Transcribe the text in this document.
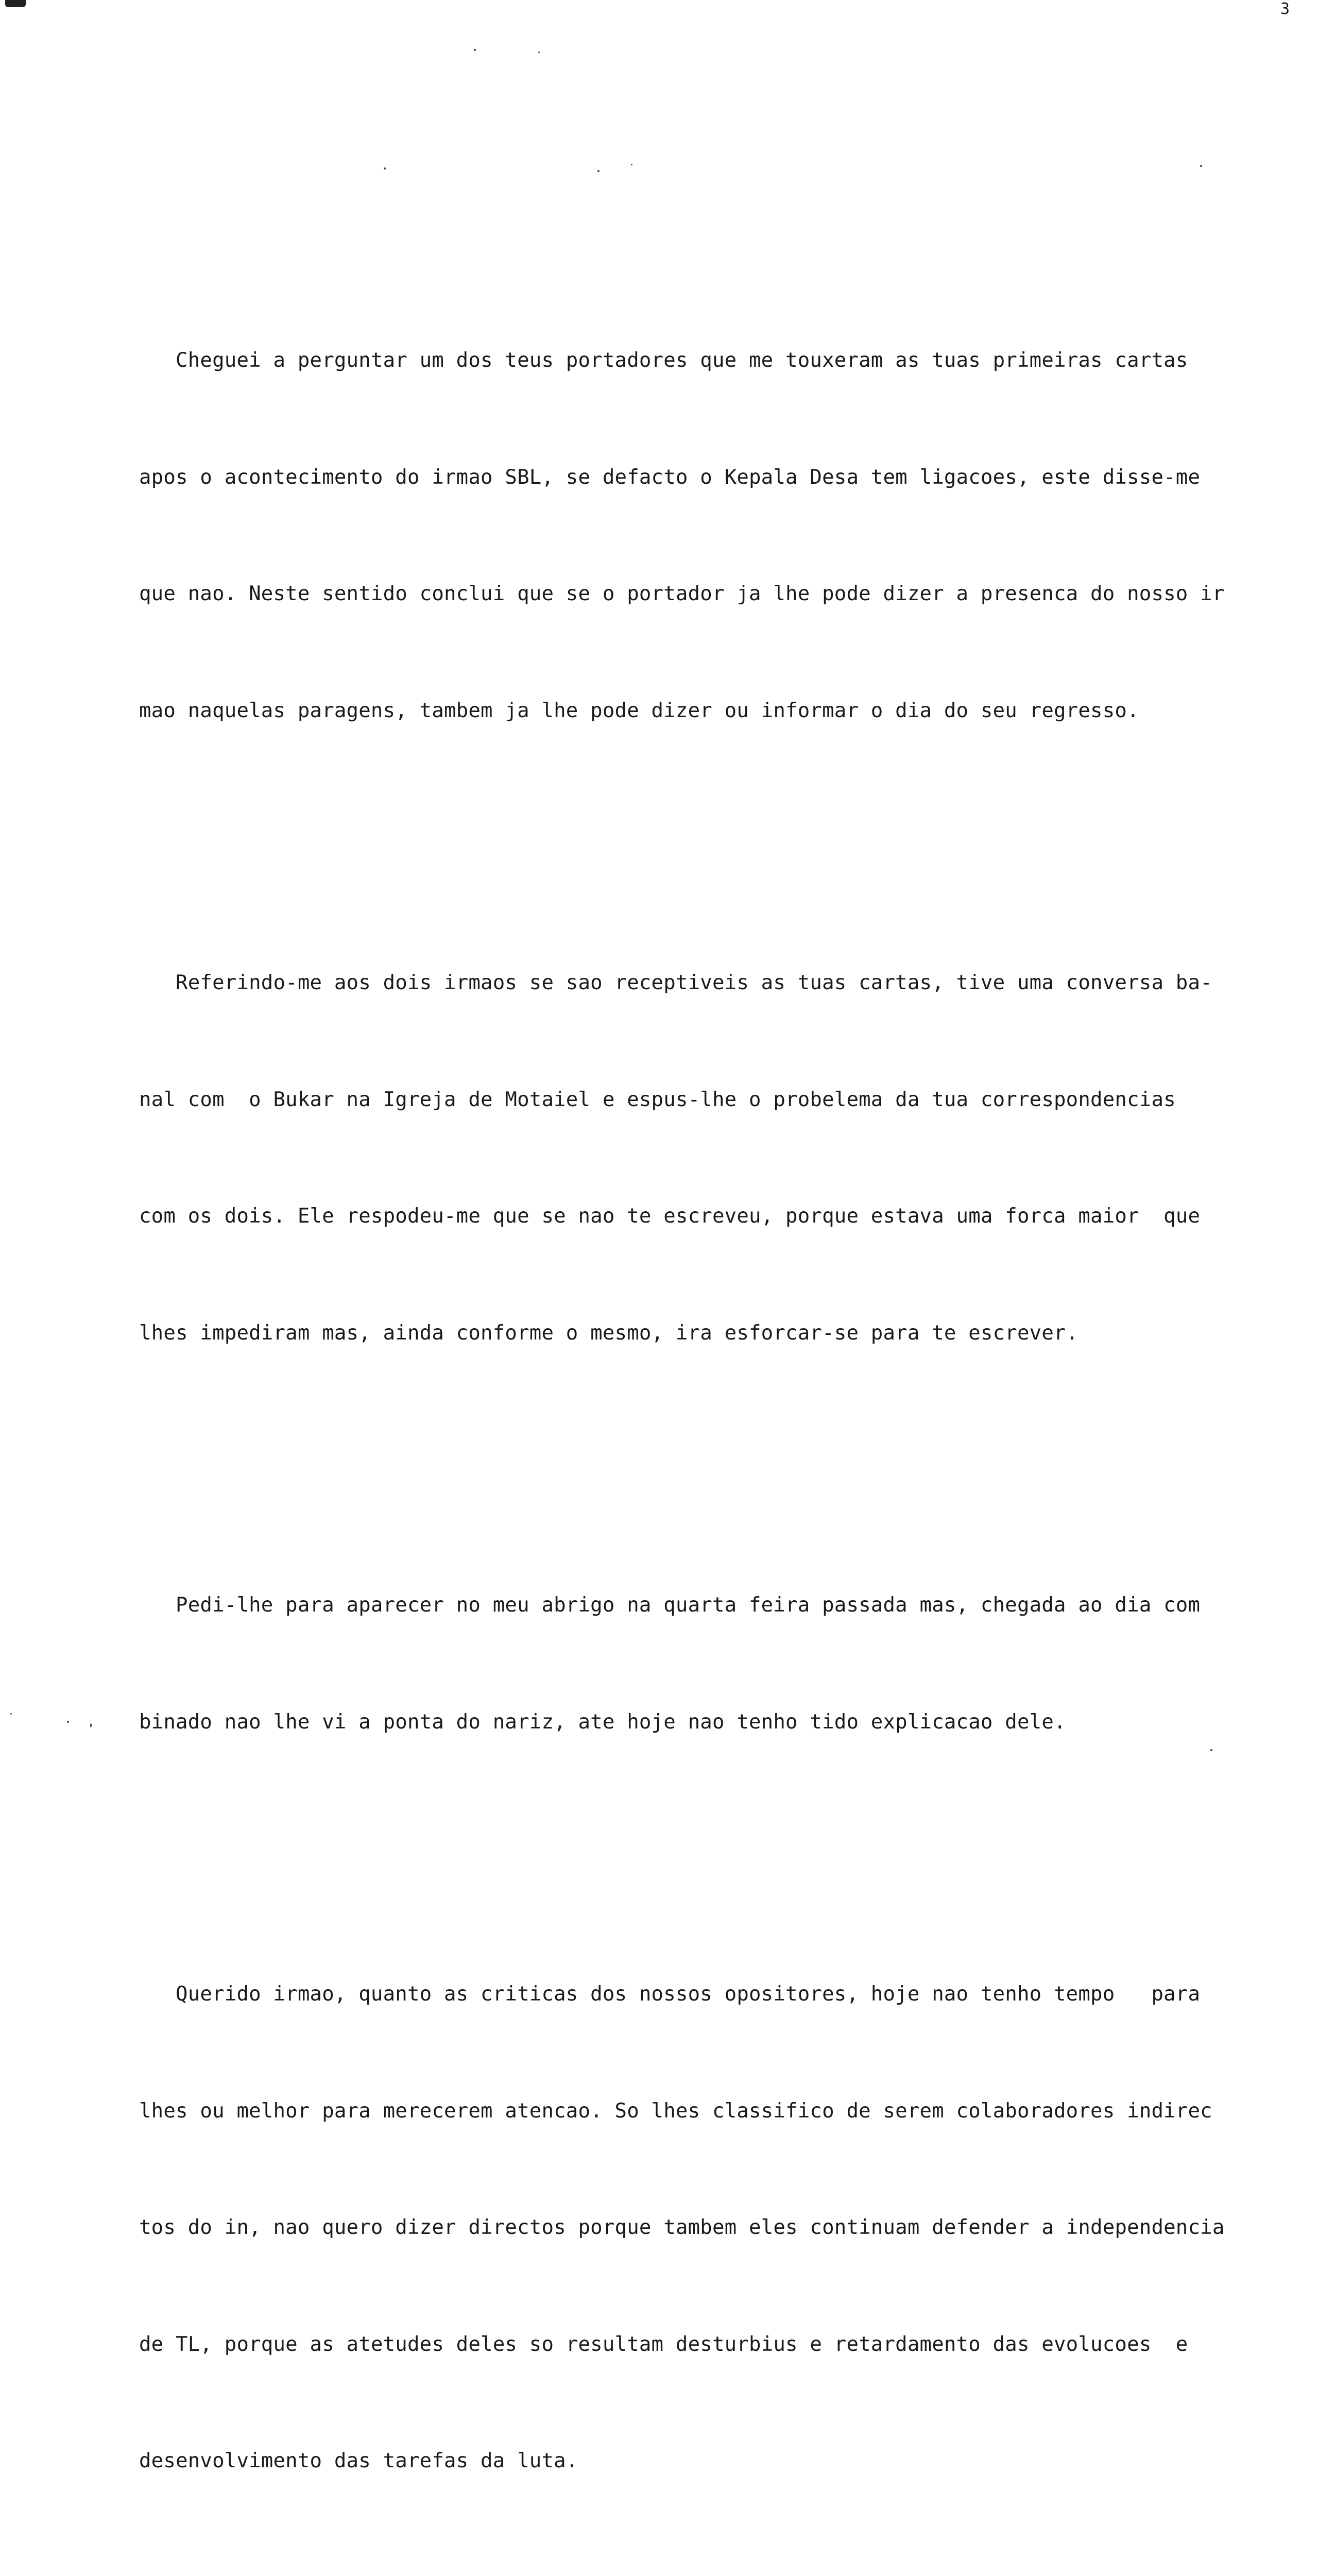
3

Cheguei a perguntar um dos teus portadores que me touxeram as tuas primeiras cartas

apos o acontecimento do irmao SBL, se defacto o Kepala Desa tem ligacoes, este disse-me

que nao. Neste sentido conclui que se o portador ja lhe pode dizer a presenca do nosso ir

mao naquelas paragens, tambem ja lhe pode dizer ou informar o dia do seu regresso.

Referindo-me aos dois irmaos se sao receptiveis as tuas cartas, tive uma conversa ba-

nal com  o Bukar na Igreja de Motaiel e espus-lhe o probelema da tua correspondencias

com os dois. Ele respodeu-me que se nao te escreveu, porque estava uma forca maior  que

lhes impediram mas, ainda conforme o mesmo, ira esforcar-se para te escrever.

Pedi-lhe para aparecer no meu abrigo na quarta feira passada mas, chegada ao dia com

binado nao lhe vi a ponta do nariz, ate hoje nao tenho tido explicacao dele.

Querido irmao, quanto as criticas dos nossos opositores, hoje nao tenho tempo   para

lhes ou melhor para merecerem atencao. So lhes classifico de serem colaboradores indirec

tos do in, nao quero dizer directos porque tambem eles continuam defender a independencia

de TL, porque as atetudes deles so resultam desturbius e retardamento das evolucoes  e

desenvolvimento das tarefas da luta.
